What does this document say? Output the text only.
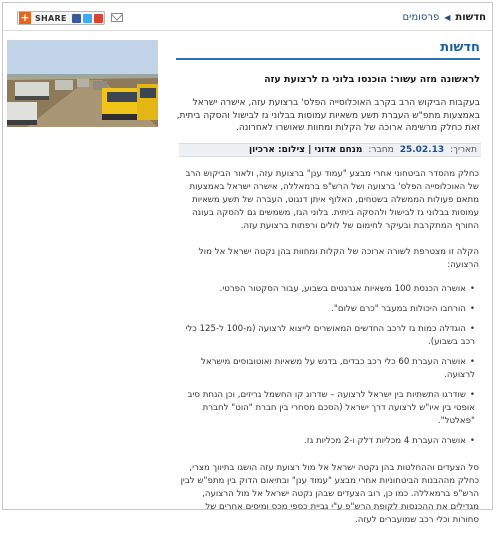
+ SHARE	חדשות
◀
פרסומים
חדשות
לראשונה מזה עשור: הוכנסו בלוני גז לרצועת עזה
בעקבות הביקוש הרב בקרב האוכלוסייה הפלס' ברצועת עזה, אישרה ישראל באמצעות מתפ"ש העברת תשע משאיות עמוסות בבלוני גז לבישול והסקה ביתית, זאת כחלק מרשימה ארוכה של הקלות ומחוות שאושרו לאחרונה.
תאריך:
25.02.13
מחבר:
מנחם אדוני | צילום: ארכיון

כחלק מהסדר הביטחוני אחרי מבצע "עמוד ענן" ברצועת עזה, ולאור הביקוש הרב של האוכלוסייה הפלס' ברצועה ושל הרש"פ ברמאללה, אישרה ישראל באמצעות מתאם פעולות הממשלה בשטחים, האלוף איתן דנגוט, העברה של תשע משאיות עמוסות בבלוני גז לבישול ולהסקה ביתית. בלוני הגז, משמשים גם להסקה בעונה החורף המתקרבת ובעיקר לחימום של לולים ורפתות ברצועת עזה.

הקלה זו מצטרפת לשורה ארוכה של הקלות ומחוות בהן נקטה ישראל אל מול הרצועה:

• אושרה הכנסת 100 משאיות אגרגטים בשבוע, עבור הסקטור הפרטי.
• הורחבו היכולות במעבר "כרם שלום".
• הוגדלה כמות גז לרכב החדשים המאושרים לייצוא לרצועה (מ-100 ל-125 כלי רכב בשבוע).
• אושרה העברת 60 כלי רכב כבדים, בדגש על משאיות ואוטובוסים מישראל לרצועה.
• שודרגו התשתיות בין ישראל לרצועה – שדרוג קו החשמל גריזים, וכן הנחת סיב אופטי בין איו"ש לרצועה דרך ישראל (הסכם מסחרי בין חברת "הוט" לחברת "פאלטל".
• אושרה העברת 4 מכליות דלק ו-2 מכליות גז.

סל הצעדים וההחלטות בהן נקטה ישראל אל מול רצועת עזה הושגו בתיווך מצרי, כחלק מההבנות הביטחוניות אחרי מבצע "עמוד ענן" ובתיאום הדוק בין מתפ"ש לבין הרש"פ ברמאללה. כמו כן, רוב הצעדים שבהן נקטה ישראל אל מול הרצועה, מגדילים את ההכנסות לקופת הרש"פ ע"י גביית כספי מכס ומיסים אחרים של סחורות וכלי רכב שמועברים לעזה.
